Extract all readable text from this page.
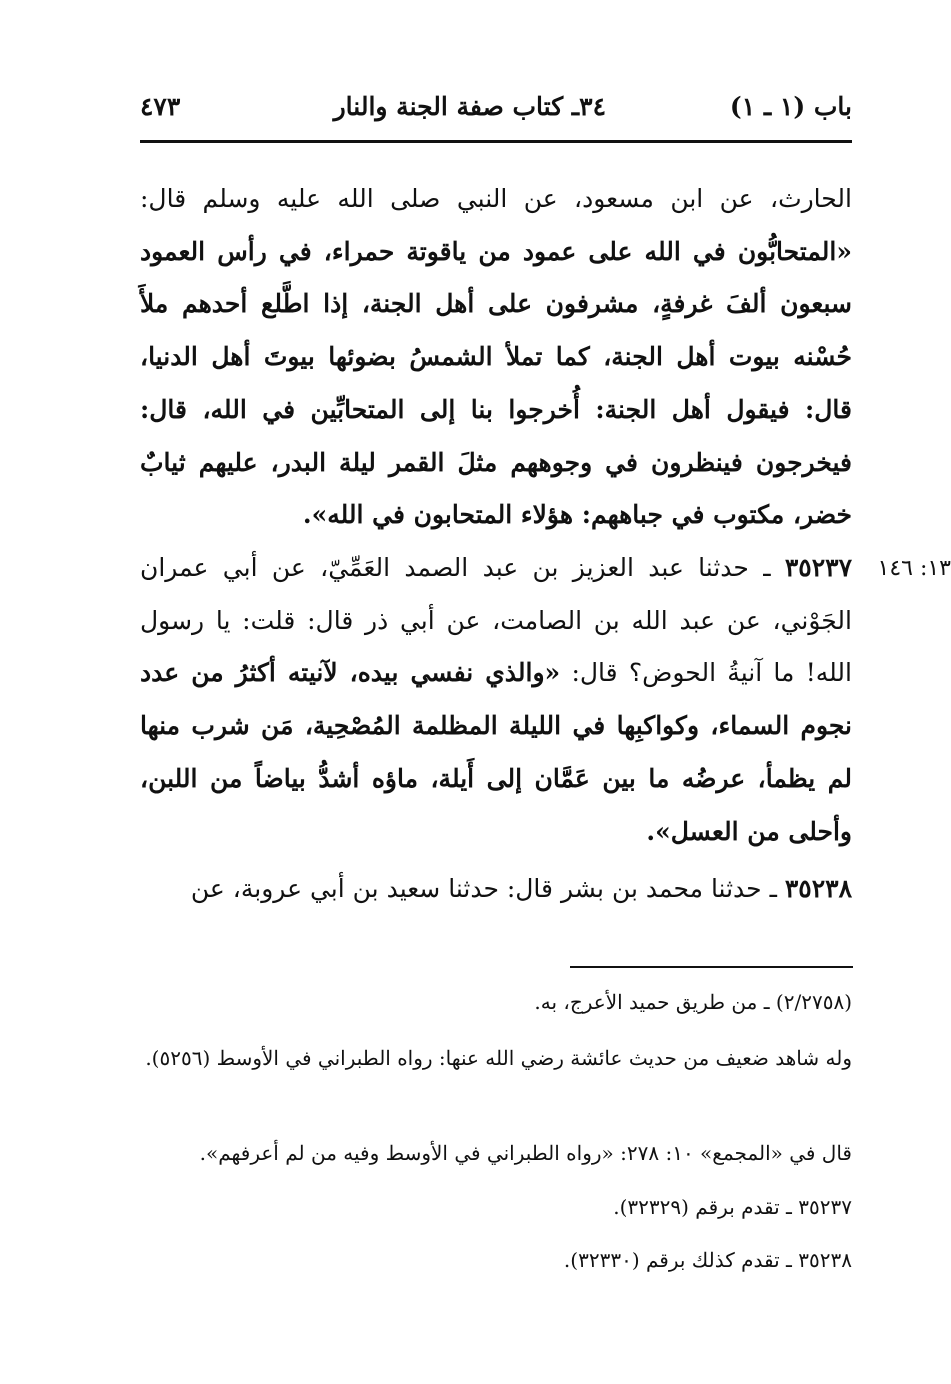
باب (١ ـ ١)
٣٤ـ كتاب صفة الجنة والنار
٤٧٣
الحارث، عن ابن مسعود، عن النبي صلى الله عليه وسلم قال: «المتحابُّون في الله على عمود من ياقوتة حمراء، في رأس العمود سبعون ألفَ غرفةٍ، مشرفون على أهل الجنة، إذا اطَّلع أحدهم ملأَ حُسْنه بيوت أهل الجنة، كما تملأ الشمسُ بضوئها بيوتَ أهل الدنيا، قال: فيقول أهل الجنة: أُخرجوا بنا إلى المتحابِّين في الله، قال: فيخرجون فينظرون في وجوههم مثلَ القمر ليلة البدر، عليهم ثيابٌ خضر، مكتوب في جباههم: هؤلاء المتحابون في الله».
١٣: ١٤٦
٣٥٢٣٧ ـ حدثنا عبد العزيز بن عبد الصمد العَمِّيّ، عن أبي عمران الجَوْني، عن عبد الله بن الصامت، عن أبي ذر قال: قلت: يا رسول الله! ما آنيةُ الحوض؟ قال: «والذي نفسي بيده، لآنيته أكثرُ من عدد نجوم السماء، وكواكبِها في الليلة المظلمة المُصْحِية، مَن شرب منها لم يظمأ، عرضُه ما بين عَمَّان إلى أَيلة، ماؤه أشدُّ بياضاً من اللبن، وأحلى من العسل».
٣٥٢٣٨ ـ حدثنا محمد بن بشر قال: حدثنا سعيد بن أبي عروبة، عن
(٢/٢٧٥٨) ـ من طريق حميد الأعرج، به.
وله شاهد ضعيف من حديث عائشة رضي الله عنها: رواه الطبراني في الأوسط (٥٢٥٦).
قال في «المجمع» ١٠: ٢٧٨: «رواه الطبراني في الأوسط وفيه من لم أعرفهم».
٣٥٢٣٧ ـ تقدم برقم (٣٢٣٢٩).
٣٥٢٣٨ ـ تقدم كذلك برقم (٣٢٣٣٠).
